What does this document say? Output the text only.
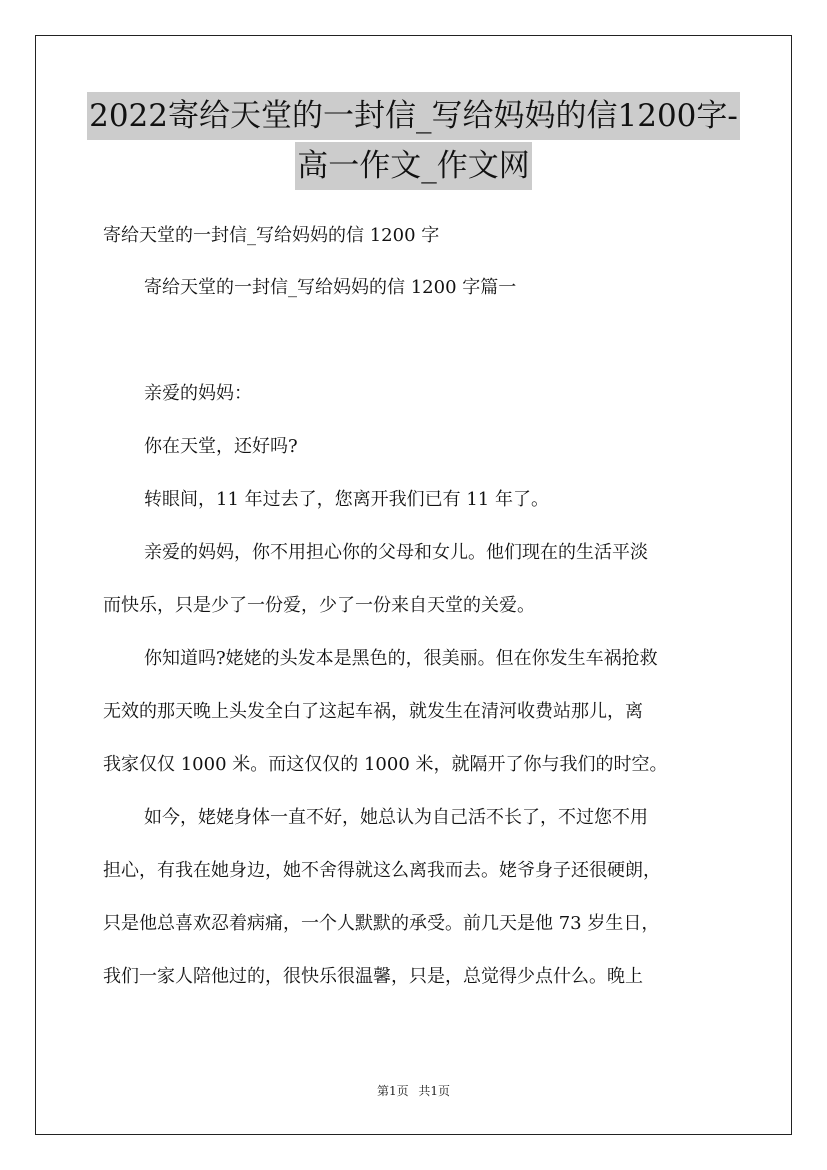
2022寄给天堂的一封信_写给妈妈的信1200字-
高一作文_作文网
寄给天堂的一封信_写给妈妈的信 1200 字
寄给天堂的一封信_写给妈妈的信 1200 字篇一
亲爱的妈妈：
你在天堂，还好吗?
转眼间，11 年过去了，您离开我们已有 11 年了。
亲爱的妈妈，你不用担心你的父母和女儿。他们现在的生活平淡
而快乐，只是少了一份爱，少了一份来自天堂的关爱。
你知道吗?姥姥的头发本是黑色的，很美丽。但在你发生车祸抢救
无效的那天晚上头发全白了这起车祸，就发生在清河收费站那儿，离
我家仅仅 1000 米。而这仅仅的 1000 米，就隔开了你与我们的时空。
如今，姥姥身体一直不好，她总认为自己活不长了，不过您不用
担心，有我在她身边，她不舍得就这么离我而去。姥爷身子还很硬朗，
只是他总喜欢忍着病痛，一个人默默的承受。前几天是他 73 岁生日，
我们一家人陪他过的，很快乐很温馨，只是，总觉得少点什么。晚上
第1页 共1页
